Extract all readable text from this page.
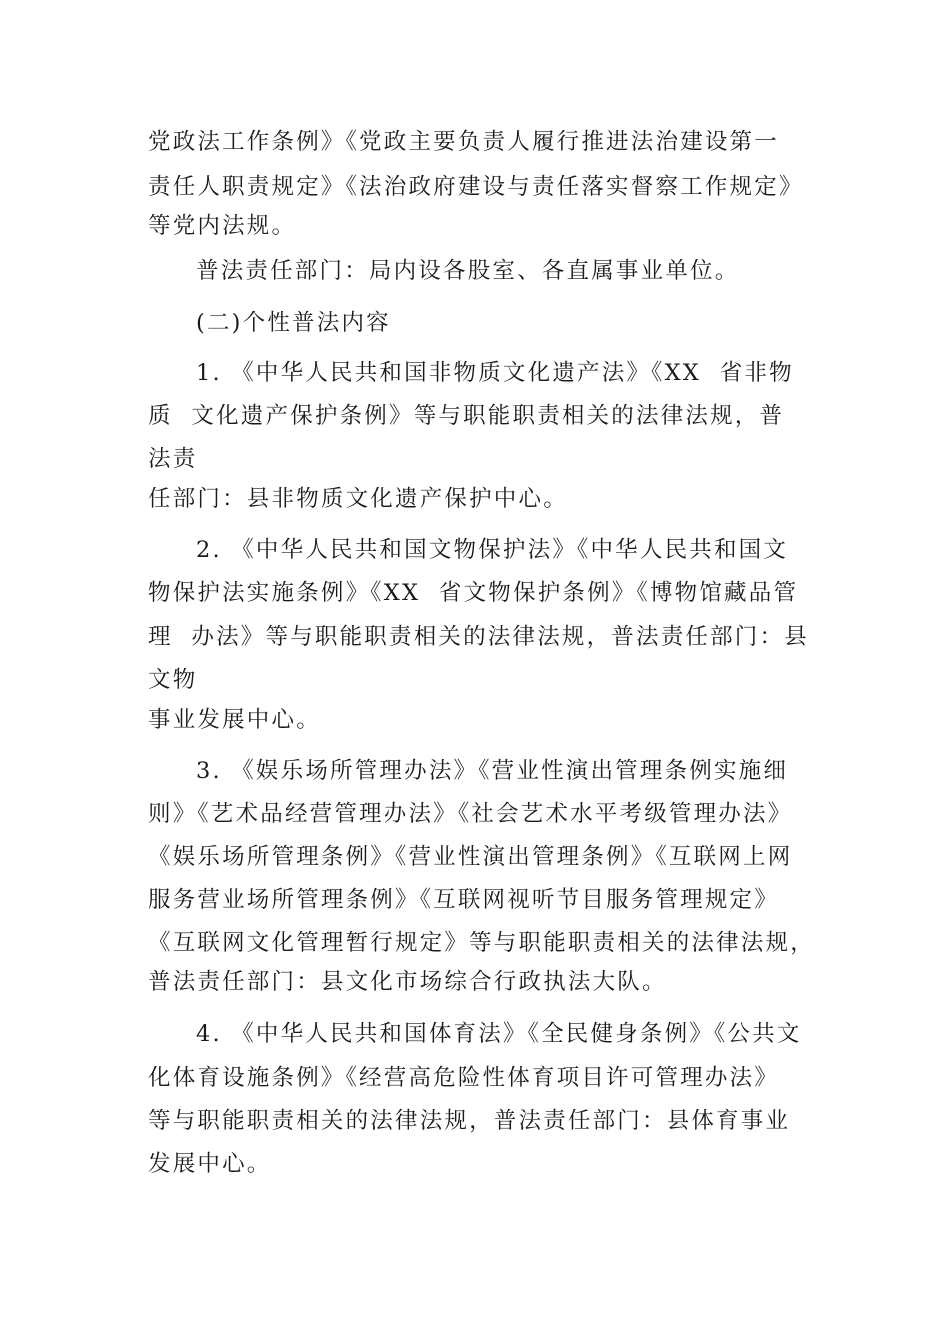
党政法工作条例》《党政主要负责人履行推进法治建设第一
责任人职责规定》《法治政府建设与责任落实督察工作规定》
等党内法规。
普法责任部门：局内设各股室、各直属事业单位。
(二)个性普法内容
1. 《中华人民共和国非物质文化遗产法》《XX  省非物
质  文化遗产保护条例》等与职能职责相关的法律法规，普
法责
任部门：县非物质文化遗产保护中心。
2. 《中华人民共和国文物保护法》《中华人民共和国文
物保护法实施条例》《XX  省文物保护条例》《博物馆藏品管
理  办法》等与职能职责相关的法律法规，普法责任部门：县
文物
事业发展中心。
3. 《娱乐场所管理办法》《营业性演出管理条例实施细
则》《艺术品经营管理办法》《社会艺术水平考级管理办法》
《娱乐场所管理条例》《营业性演出管理条例》《互联网上网
服务营业场所管理条例》《互联网视听节目服务管理规定》
《互联网文化管理暂行规定》等与职能职责相关的法律法规，
普法责任部门：县文化市场综合行政执法大队。
4. 《中华人民共和国体育法》《全民健身条例》《公共文
化体育设施条例》《经营高危险性体育项目许可管理办法》
等与职能职责相关的法律法规，普法责任部门：县体育事业
发展中心。
